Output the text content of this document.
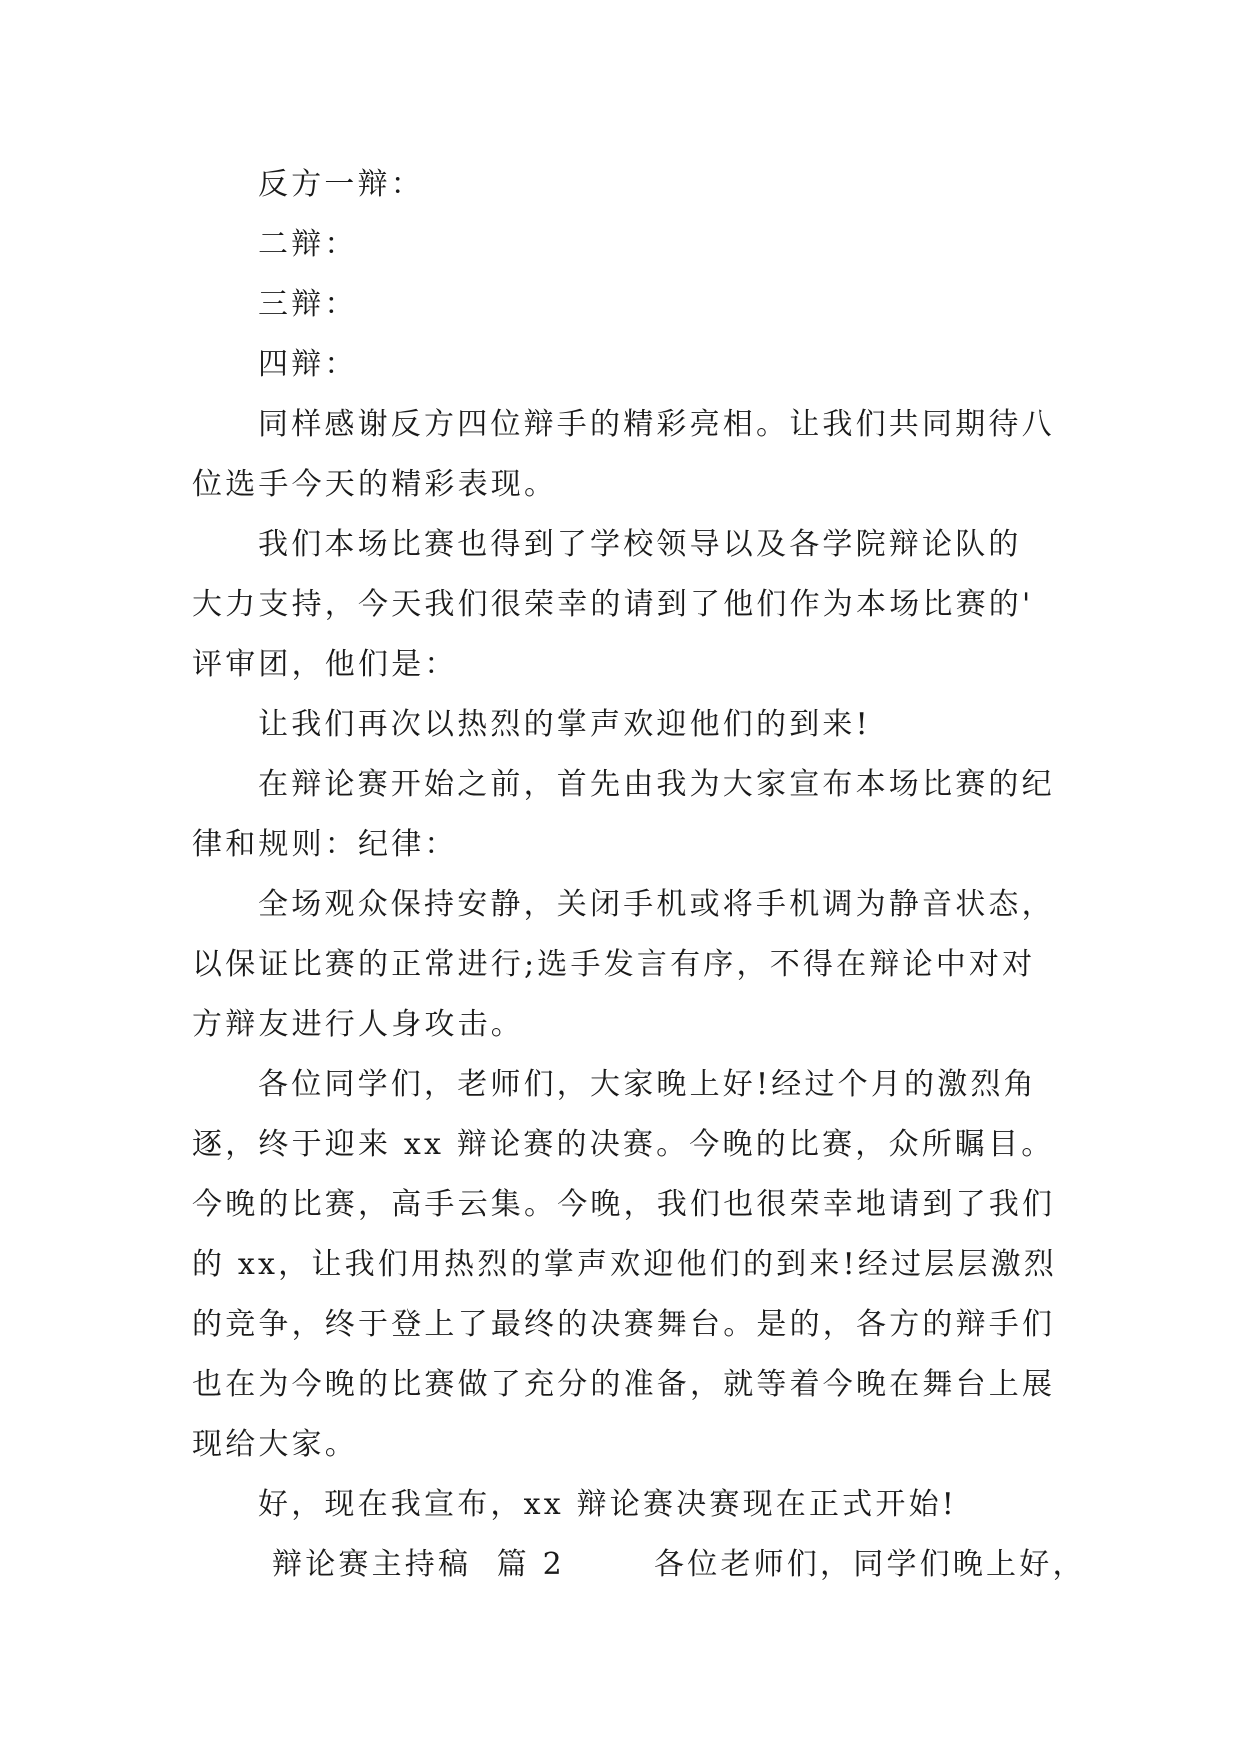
反方一辩：
二辩：
三辩：
四辩：
同样感谢反方四位辩手的精彩亮相。让我们共同期待八
位选手今天的精彩表现。
我们本场比赛也得到了学校领导以及各学院辩论队的
大力支持，今天我们很荣幸的请到了他们作为本场比赛的'
评审团，他们是：
让我们再次以热烈的掌声欢迎他们的到来!
在辩论赛开始之前，首先由我为大家宣布本场比赛的纪
律和规则：纪律：
全场观众保持安静，关闭手机或将手机调为静音状态，
以保证比赛的正常进行;选手发言有序，不得在辩论中对对
方辩友进行人身攻击。
各位同学们，老师们，大家晚上好!经过个月的激烈角
逐，终于迎来 xx 辩论赛的决赛。今晚的比赛，众所瞩目。
今晚的比赛，高手云集。今晚，我们也很荣幸地请到了我们
的 xx，让我们用热烈的掌声欢迎他们的到来!经过层层激烈
的竞争，终于登上了最终的决赛舞台。是的，各方的辩手们
也在为今晚的比赛做了充分的准备，就等着今晚在舞台上展
现给大家。
好，现在我宣布，xx 辩论赛决赛现在正式开始!
辩论赛主持稿  篇 2       各位老师们，同学们晚上好，
